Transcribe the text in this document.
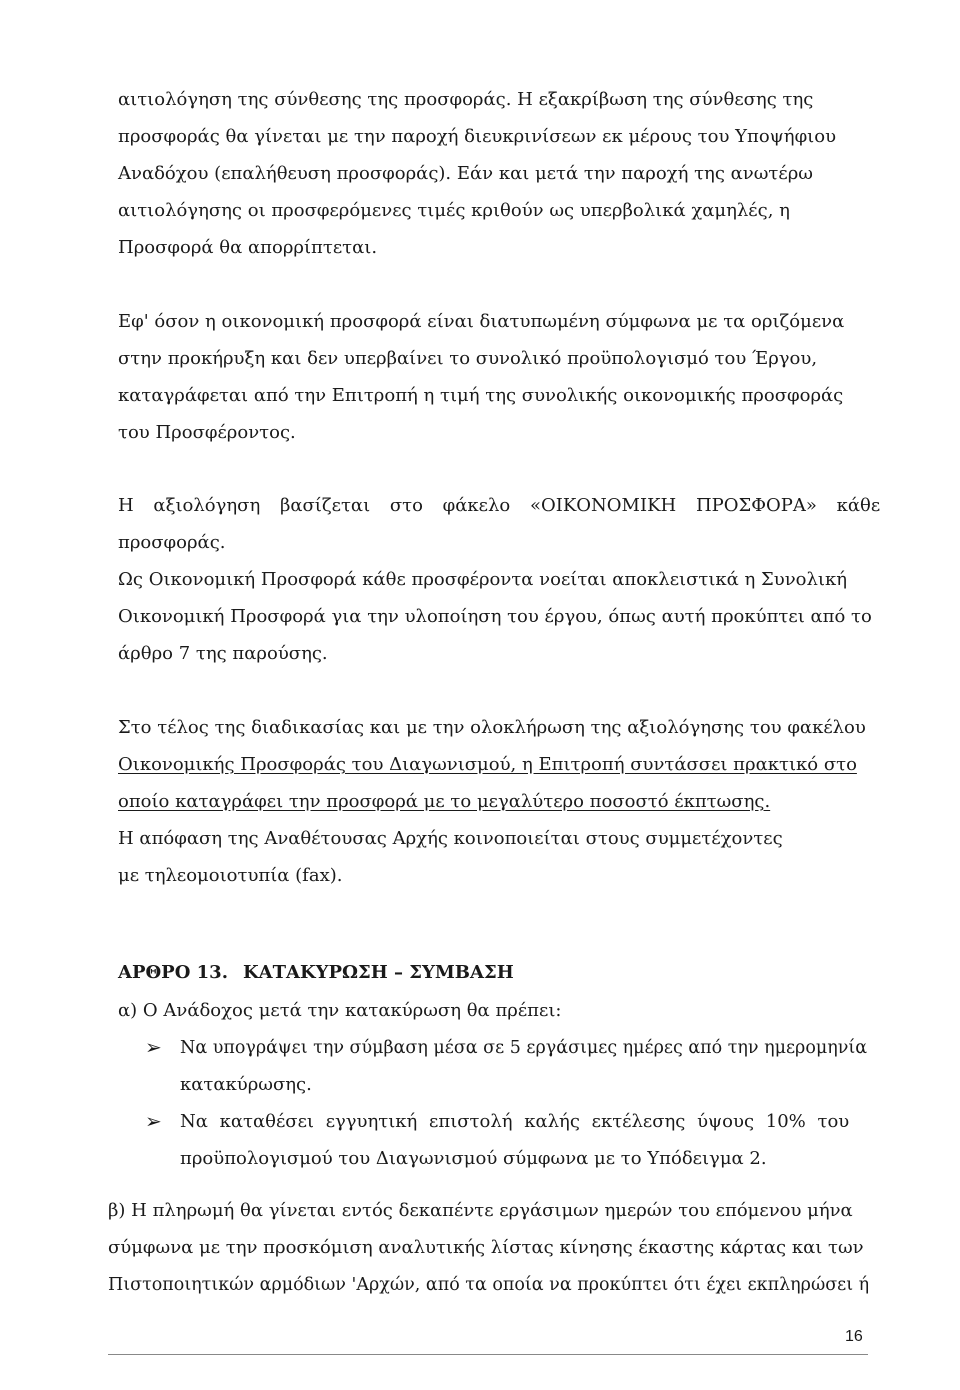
αιτιολόγηση της σύνθεσης της προσφοράς. Η εξακρίβωση της σύνθεσης της
προσφοράς θα γίνεται με την παροχή διευκρινίσεων εκ μέρους του Υποψήφιου
Αναδόχου (επαλήθευση προσφοράς). Εάν και μετά την παροχή της ανωτέρω
αιτιολόγησης οι προσφερόμενες τιμές κριθούν ως υπερβολικά χαμηλές, η
Προσφορά θα απορρίπτεται.
Εφ' όσον η οικονομική προσφορά είναι διατυπωμένη σύμφωνα με τα οριζόμενα
στην προκήρυξη και δεν υπερβαίνει το συνολικό προϋπολογισμό του Έργου,
καταγράφεται από την Επιτροπή η τιμή της συνολικής οικονομικής προσφοράς
του Προσφέροντος.
Η αξιολόγηση βασίζεται στο φάκελο «ΟΙΚΟΝΟΜΙΚΗ ΠΡΟΣΦΟΡΑ» κάθε
προσφοράς.
Ως Οικονομική Προσφορά κάθε προσφέροντα νοείται αποκλειστικά η Συνολική
Οικονομική Προσφορά για την υλοποίηση του έργου, όπως αυτή προκύπτει από το
άρθρο 7 της παρούσης.
Στο τέλος της διαδικασίας και με την ολοκλήρωση της αξιολόγησης του φακέλου
Οικονομικής Προσφοράς του Διαγωνισμού, η Επιτροπή συντάσσει πρακτικό στο
οποίο καταγράφει την προσφορά με το μεγαλύτερο ποσοστό έκπτωσης.
Η απόφαση της Αναθέτουσας Αρχής κοινοποιείται στους συμμετέχοντες
με τηλεομοιοτυπία (fax).
ΑΡΘΡΟ 13. ΚΑΤΑΚΥΡΩΣΗ – ΣΥΜΒΑΣΗ
α) Ο Ανάδοχος μετά την κατακύρωση θα πρέπει:
➢ Να υπογράψει την σύμβαση μέσα σε 5 εργάσιμες ημέρες από την ημερομηνία
κατακύρωσης.
➢ Να καταθέσει εγγυητική επιστολή καλής εκτέλεσης ύψους 10% του
προϋπολογισμού του Διαγωνισμού σύμφωνα με το Υπόδειγμα 2.
β) Η πληρωμή θα γίνεται εντός δεκαπέντε εργάσιμων ημερών του επόμενου μήνα
σύμφωνα με την προσκόμιση αναλυτικής λίστας κίνησης έκαστης κάρτας και των
Πιστοποιητικών αρμόδιων 'Αρχών, από τα οποία να προκύπτει ότι έχει εκπληρώσει ή
16
